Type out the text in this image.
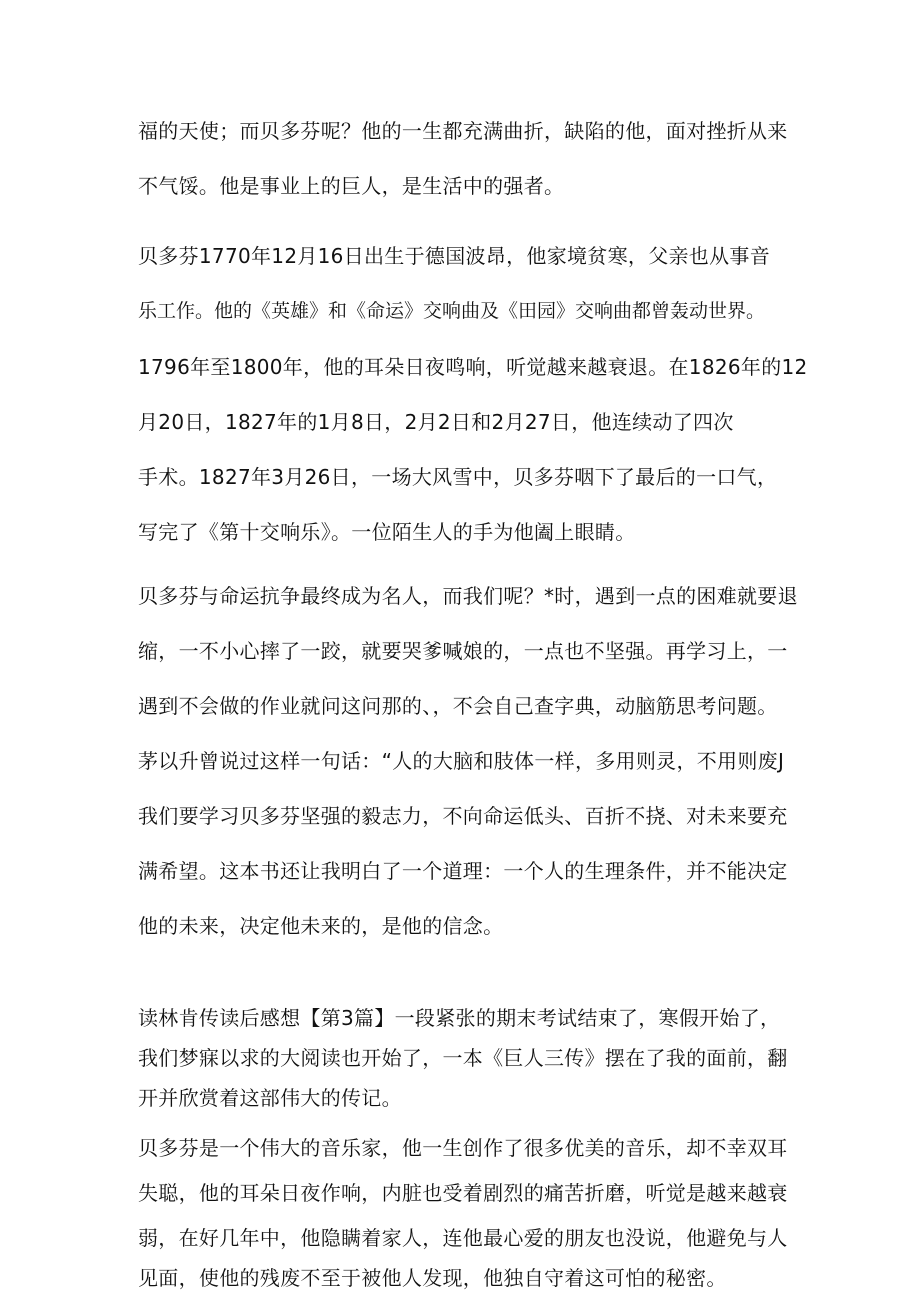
福的天使；而贝多芬呢？他的一生都充满曲折，缺陷的他，面对挫折从来
不气馁。他是事业上的巨人，是生活中的强者。
贝多芬1770年12月16日出生于德国波昂，他家境贫寒，父亲也从事音
乐工作。他的《英雄》和《命运》交响曲及《田园》交响曲都曾轰动世界。
1796年至1800年，他的耳朵日夜鸣响，听觉越来越衰退。在1826年的12
月20日，1827年的1月8日，2月2日和2月27日，他连续动了四次
手术。1827年3月26日，一场大风雪中，贝多芬咽下了最后的一口气，
写完了《第十交响乐》。一位陌生人的手为他阖上眼睛。
贝多芬与命运抗争最终成为名人，而我们呢？*时，遇到一点的困难就要退
缩，一不小心摔了一跤，就要哭爹喊娘的，一点也不坚强。再学习上，一
遇到不会做的作业就问这问那的、，不会自己查字典，动脑筋思考问题。
茅以升曾说过这样一句话：“人的大脑和肢体一样，多用则灵，不用则废J
我们要学习贝多芬坚强的毅志力，不向命运低头、百折不挠、对未来要充
满希望。这本书还让我明白了一个道理：一个人的生理条件，并不能决定
他的未来，决定他未来的，是他的信念。
读林肯传读后感想【第3篇】一段紧张的期末考试结束了，寒假开始了，
我们梦寐以求的大阅读也开始了，一本《巨人三传》摆在了我的面前，翻
开并欣赏着这部伟大的传记。
贝多芬是一个伟大的音乐家，他一生创作了很多优美的音乐，却不幸双耳
失聪，他的耳朵日夜作响，内脏也受着剧烈的痛苦折磨，听觉是越来越衰
弱，在好几年中，他隐瞒着家人，连他最心爱的朋友也没说，他避免与人
见面，使他的残废不至于被他人发现，他独自守着这可怕的秘密。
